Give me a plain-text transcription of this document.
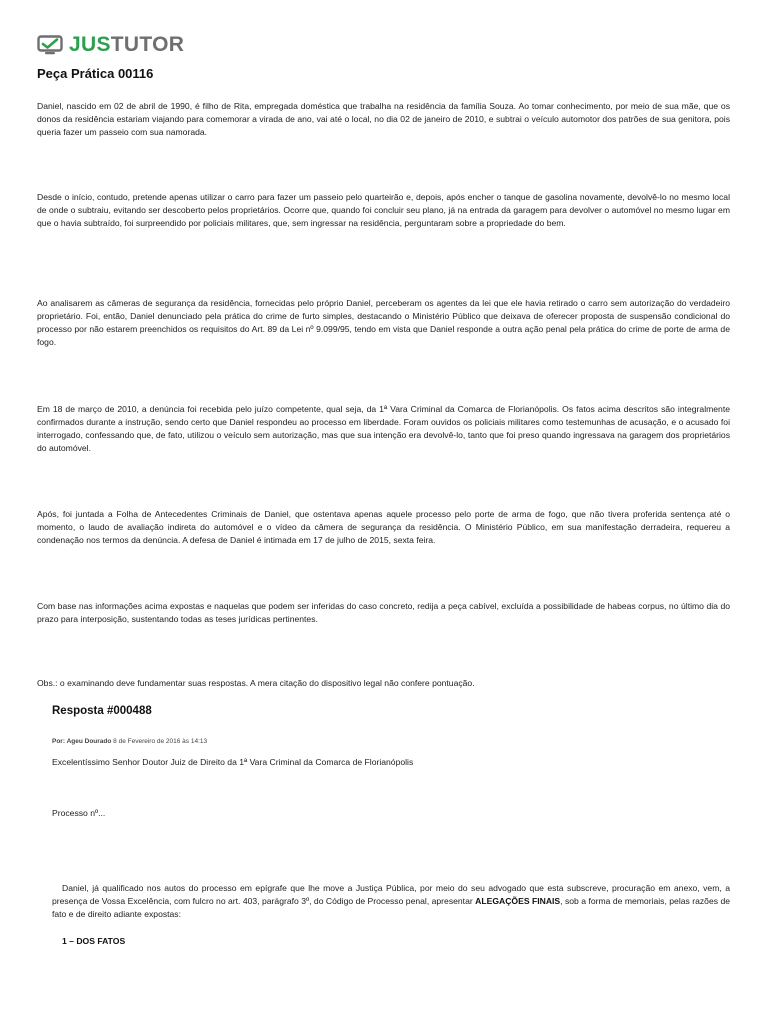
JUSTUTOR
Peça Prática 00116

Daniel, nascido em 02 de abril de 1990, é filho de Rita, empregada doméstica que trabalha na residência da família Souza. Ao tomar conhecimento, por meio de sua mãe, que os donos da residência estariam viajando para comemorar a virada de ano, vai até o local, no dia 02 de janeiro de 2010, e subtrai o veículo automotor dos patrões de sua genitora, pois queria fazer um passeio com sua namorada.

Desde o início, contudo, pretende apenas utilizar o carro para fazer um passeio pelo quarteirão e, depois, após encher o tanque de gasolina novamente, devolvê-lo no mesmo local de onde o subtraiu, evitando ser descoberto pelos proprietários. Ocorre que, quando foi concluir seu plano, já na entrada da garagem para devolver o automóvel no mesmo lugar em que o havia subtraído, foi surpreendido por policiais militares, que, sem ingressar na residência, perguntaram sobre a propriedade do bem.

Ao analisarem as câmeras de segurança da residência, fornecidas pelo próprio Daniel, perceberam os agentes da lei que ele havia retirado o carro sem autorização do verdadeiro proprietário. Foi, então, Daniel denunciado pela prática do crime de furto simples, destacando o Ministério Público que deixava de oferecer proposta de suspensão condicional do processo por não estarem preenchidos os requisitos do Art. 89 da Lei nº 9.099/95, tendo em vista que Daniel responde a outra ação penal pela prática do crime de porte de arma de fogo.

Em 18 de março de 2010, a denúncia foi recebida pelo juízo competente, qual seja, da 1ª Vara Criminal da Comarca de Florianópolis. Os fatos acima descritos são integralmente confirmados durante a instrução, sendo certo que Daniel respondeu ao processo em liberdade. Foram ouvidos os policiais militares como testemunhas de acusação, e o acusado foi interrogado, confessando que, de fato, utilizou o veículo sem autorização, mas que sua intenção era devolvê-lo, tanto que foi preso quando ingressava na garagem dos proprietários do automóvel.

Após, foi juntada a Folha de Antecedentes Criminais de Daniel, que ostentava apenas aquele processo pelo porte de arma de fogo, que não tivera proferida sentença até o momento, o laudo de avaliação indireta do automóvel e o vídeo da câmera de segurança da residência. O Ministério Público, em sua manifestação derradeira, requereu a condenação nos termos da denúncia. A defesa de Daniel é intimada em 17 de julho de 2015, sexta feira.

Com base nas informações acima expostas e naquelas que podem ser inferidas do caso concreto, redija a peça cabível, excluída a possibilidade de habeas corpus, no último dia do prazo para interposição, sustentando todas as teses jurídicas pertinentes.

Obs.: o examinando deve fundamentar suas respostas. A mera citação do dispositivo legal não confere pontuação.

Resposta #000488
Por: Ageu Dourado 8 de Fevereiro de 2016 às 14:13

Excelentíssimo Senhor Doutor Juiz de Direito da 1ª Vara Criminal da Comarca de Florianópolis

Processo nº...

Daniel, já qualificado nos autos do processo em epígrafe que lhe move a Justiça Pública, por meio do seu advogado que esta subscreve, procuração em anexo, vem, a presença de Vossa Excelência, com fulcro no art. 403, parágrafo 3º, do Código de Processo penal, apresentar ALEGAÇÕES FINAIS, sob a forma de memoriais, pelas razões de fato e de direito adiante expostas:

1 – DOS FATOS
